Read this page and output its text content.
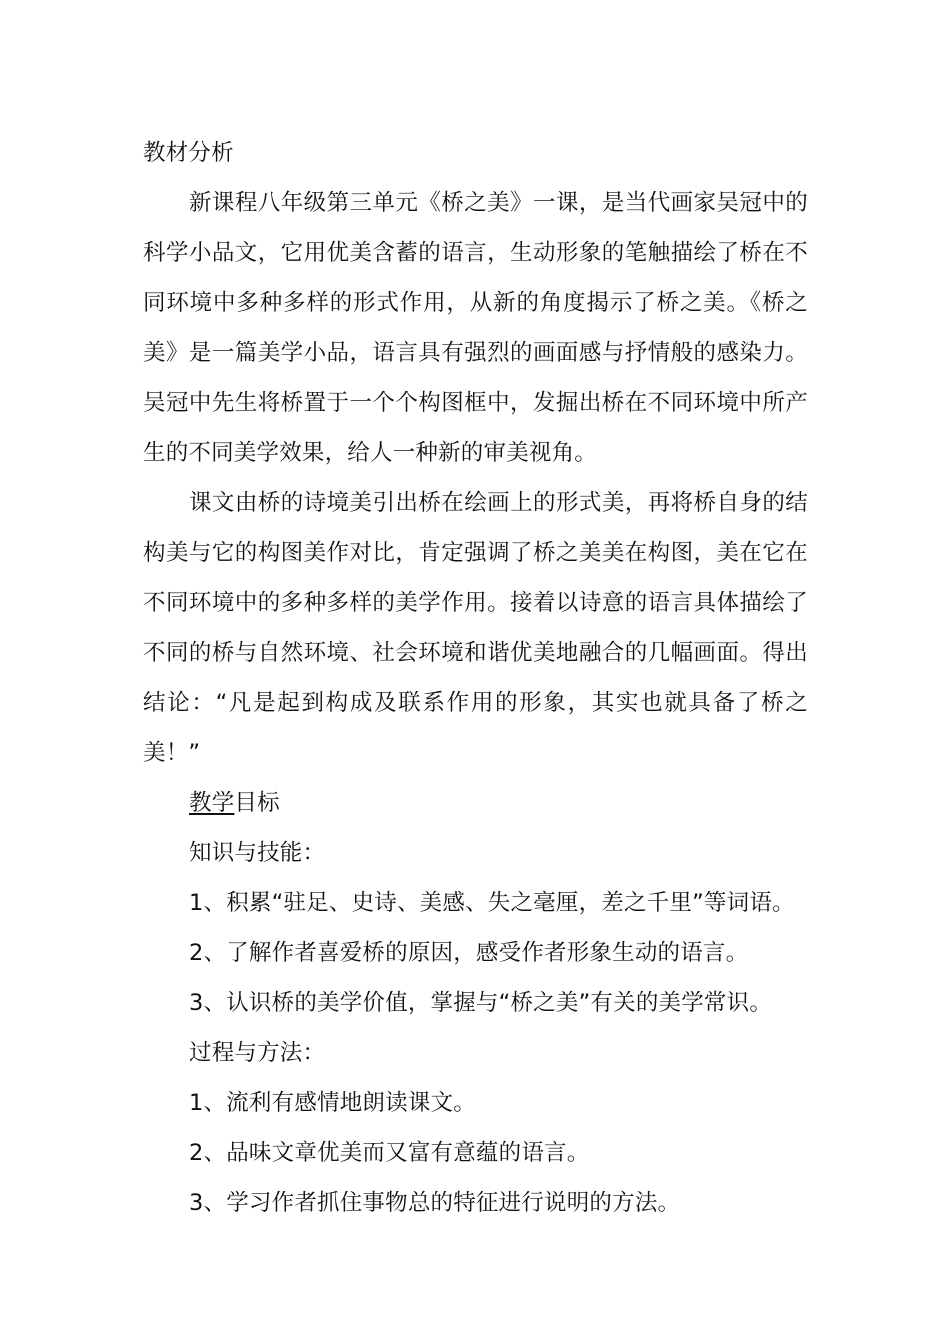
教材分析

新课程八年级第三单元《桥之美》一课，是当代画家吴冠中的科学小品文，它用优美含蓄的语言，生动形象的笔触描绘了桥在不同环境中多种多样的形式作用，从新的角度揭示了桥之美。《桥之美》是一篇美学小品，语言具有强烈的画面感与抒情般的感染力。吴冠中先生将桥置于一个个构图框中，发掘出桥在不同环境中所产生的不同美学效果，给人一种新的审美视角。

课文由桥的诗境美引出桥在绘画上的形式美，再将桥自身的结构美与它的构图美作对比，肯定强调了桥之美美在构图，美在它在不同环境中的多种多样的美学作用。接着以诗意的语言具体描绘了不同的桥与自然环境、社会环境和谐优美地融合的几幅画面。得出结论：“凡是起到构成及联系作用的形象，其实也就具备了桥之美！”

教学目标

知识与技能：

1、积累“驻足、史诗、美感、失之毫厘，差之千里”等词语。

2、了解作者喜爱桥的原因，感受作者形象生动的语言。

3、认识桥的美学价值，掌握与“桥之美”有关的美学常识。

过程与方法：

1、流利有感情地朗读课文。

2、品味文章优美而又富有意蕴的语言。

3、学习作者抓住事物总的特征进行说明的方法。
